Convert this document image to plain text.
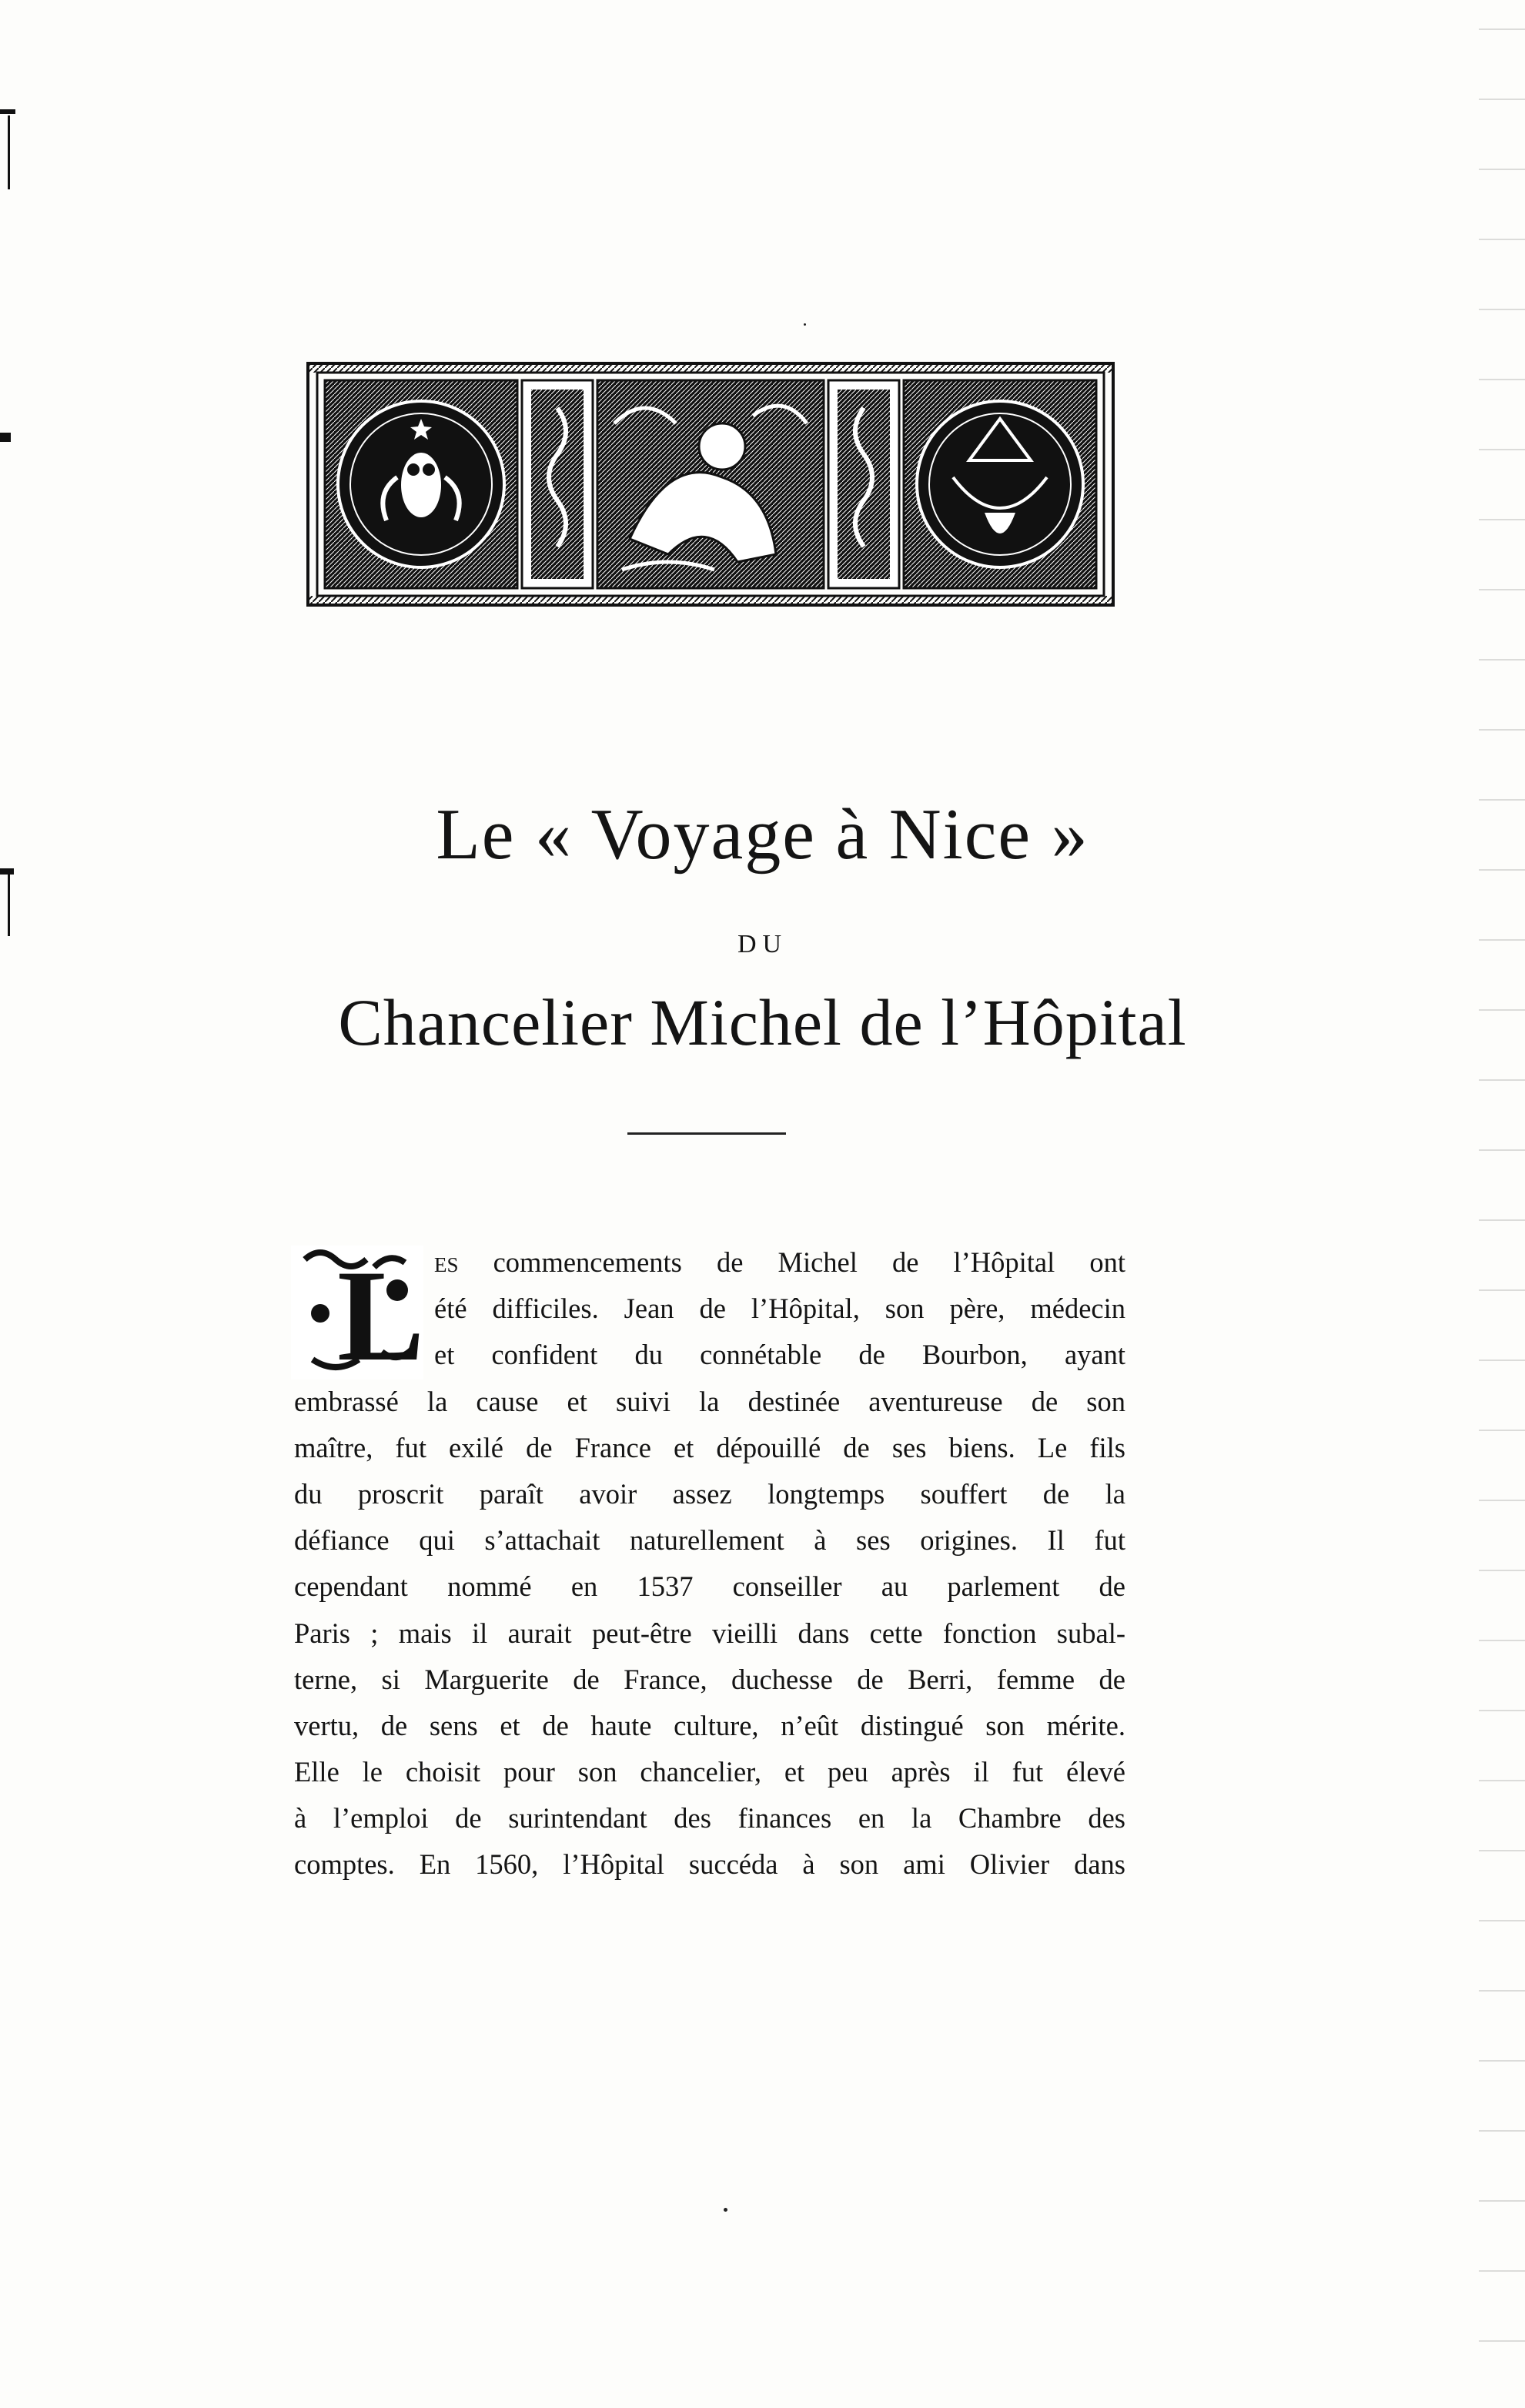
Le « Voyage à Nice »
DU
Chancelier Michel de l’Hôpital
L ES commencements de Michel de l’Hôpital ont
été difficiles. Jean de l’Hôpital, son père, médecin
et confident du connétable de Bourbon, ayant
embrassé la cause et suivi la destinée aventureuse de son
maître, fut exilé de France et dépouillé de ses biens. Le fils
du proscrit paraît avoir assez longtemps souffert de la
défiance qui s’attachait naturellement à ses origines. Il fut
cependant nommé en 1537 conseiller au parlement de
Paris ; mais il aurait peut-être vieilli dans cette fonction subal-
terne, si Marguerite de France, duchesse de Berri, femme de
vertu, de sens et de haute culture, n’eût distingué son mérite.
Elle le choisit pour son chancelier, et peu après il fut élevé
à l’emploi de surintendant des finances en la Chambre des
comptes. En 1560, l’Hôpital succéda à son ami Olivier dans
